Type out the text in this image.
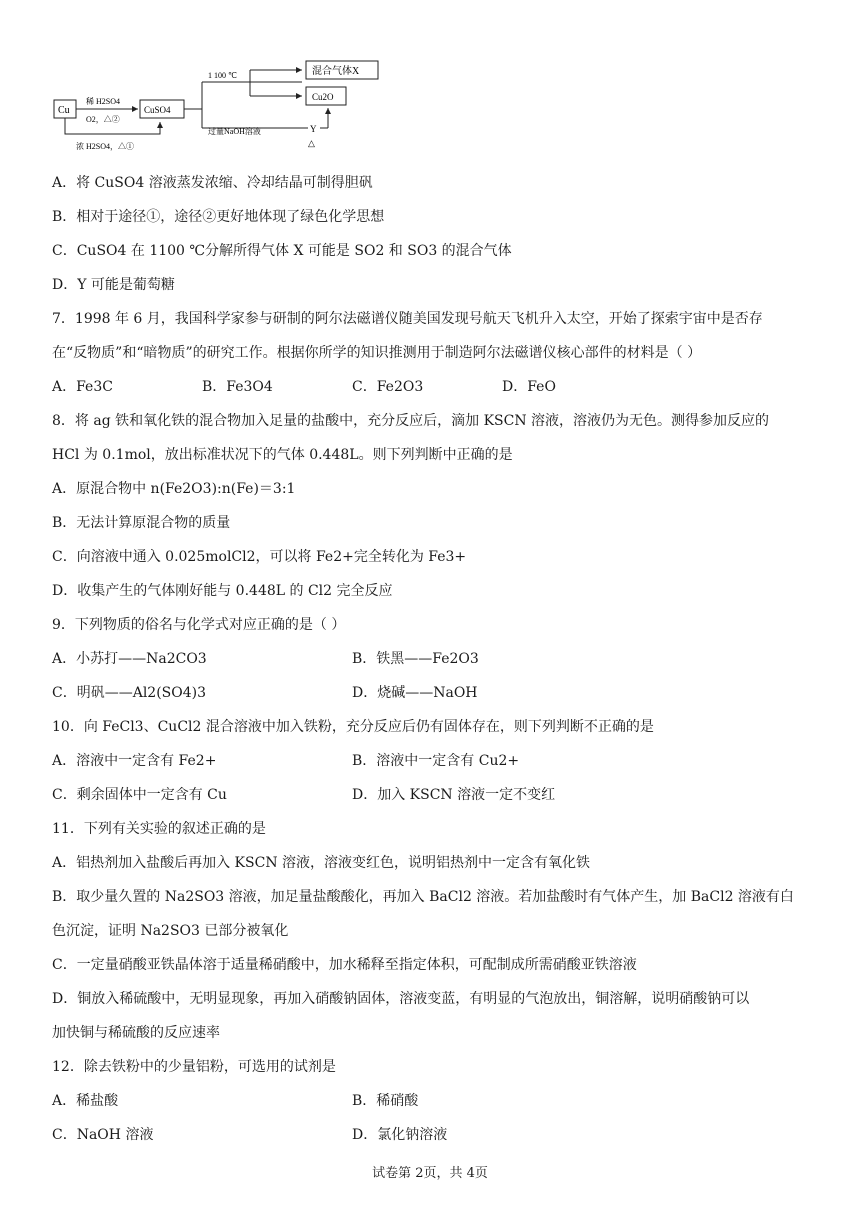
Cu
稀 H2SO4
O2，△②
浓 H2SO4，△①
CuSO4
1 100 ℃	混合气体X
Cu2O
过量NaOH溶液	Y
△
A．将 CuSO4 溶液蒸发浓缩、冷却结晶可制得胆矾
B．相对于途径①，途径②更好地体现了绿色化学思想
C．CuSO4 在 1100 ℃分解所得气体 X 可能是 SO2 和 SO3 的混合气体
D．Y 可能是葡萄糖
7．1998 年 6 月，我国科学家参与研制的阿尔法磁谱仪随美国发现号航天飞机升入太空，开始了探索宇宙中是否存
在“反物质”和“暗物质”的研究工作。根据你所学的知识推测用于制造阿尔法磁谱仪核心部件的材料是（ ）
A．Fe3C	B．Fe3O4	C．Fe2O3	D．FeO
8．将 ag 铁和氧化铁的混合物加入足量的盐酸中，充分反应后，滴加 KSCN 溶液，溶液仍为无色。测得参加反应的
HCl 为 0.1mol，放出标准状况下的气体 0.448L。则下列判断中正确的是
A．原混合物中 n(Fe2O3):n(Fe)＝3:1
B．无法计算原混合物的质量
C．向溶液中通入 0.025molCl2，可以将 Fe2+完全转化为 Fe3+
D．收集产生的气体刚好能与 0.448L 的 Cl2 完全反应
9．下列物质的俗名与化学式对应正确的是（ ）
A．小苏打——Na2CO3	B．铁黑——Fe2O3
C．明矾——Al2(SO4)3	D．烧碱——NaOH
10．向 FeCl3、CuCl2 混合溶液中加入铁粉，充分反应后仍有固体存在，则下列判断不正确的是
A．溶液中一定含有 Fe2+	B．溶液中一定含有 Cu2+
C．剩余固体中一定含有 Cu	D．加入 KSCN 溶液一定不变红
11．下列有关实验的叙述正确的是
A．铝热剂加入盐酸后再加入 KSCN 溶液，溶液变红色，说明铝热剂中一定含有氧化铁
B．取少量久置的 Na2SO3 溶液，加足量盐酸酸化，再加入 BaCl2 溶液。若加盐酸时有气体产生，加 BaCl2 溶液有白
色沉淀，证明 Na2SO3 已部分被氧化
C．一定量硝酸亚铁晶体溶于适量稀硝酸中，加水稀释至指定体积，可配制成所需硝酸亚铁溶液
D．铜放入稀硫酸中，无明显现象，再加入硝酸钠固体，溶液变蓝，有明显的气泡放出，铜溶解，说明硝酸钠可以
加快铜与稀硫酸的反应速率
12．除去铁粉中的少量铝粉，可选用的试剂是
A．稀盐酸	B．稀硝酸
C．NaOH 溶液	D．氯化钠溶液
试卷第 2页，共 4页
